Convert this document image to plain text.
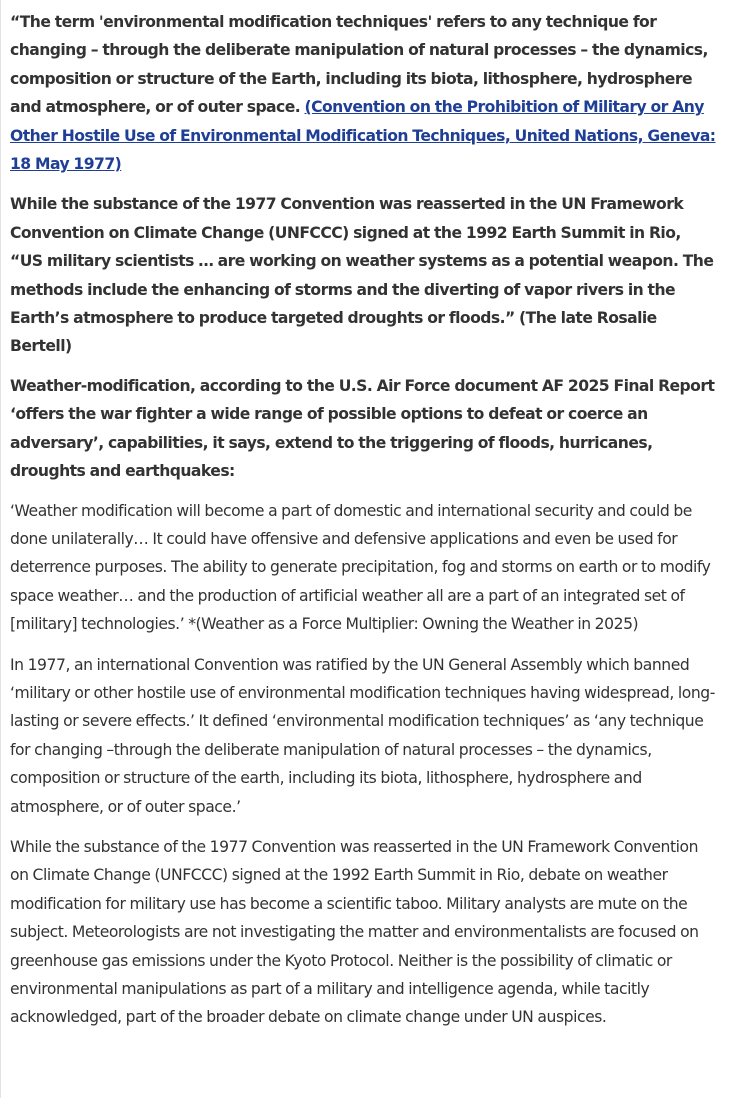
“The term 'environmental modification techniques' refers to any technique for changing – through the deliberate manipulation of natural processes – the dynamics, composition or structure of the Earth, including its biota, lithosphere, hydrosphere and atmosphere, or of outer space. (Convention on the Prohibition of Military or Any Other Hostile Use of Environmental Modification Techniques, United Nations, Geneva: 18 May 1977)

While the substance of the 1977 Convention was reasserted in the UN Framework Convention on Climate Change (UNFCCC) signed at the 1992 Earth Summit in Rio, “US military scientists … are working on weather systems as a potential weapon. The methods include the enhancing of storms and the diverting of vapor rivers in the Earth’s atmosphere to produce targeted droughts or floods.” (The late Rosalie Bertell)

Weather-modification, according to the U.S. Air Force document AF 2025 Final Report ‘offers the war fighter a wide range of possible options to defeat or coerce an adversary’, capabilities, it says, extend to the triggering of floods, hurricanes, droughts and earthquakes:

‘Weather modification will become a part of domestic and international security and could be done unilaterally… It could have offensive and defensive applications and even be used for deterrence purposes. The ability to generate precipitation, fog and storms on earth or to modify space weather… and the production of artificial weather all are a part of an integrated set of [military] technologies.’ *(Weather as a Force Multiplier: Owning the Weather in 2025)

In 1977, an international Convention was ratified by the UN General Assembly which banned ‘military or other hostile use of environmental modification techniques having widespread, long-lasting or severe effects.’ It defined ‘environmental modification techniques’ as ‘any technique for changing –through the deliberate manipulation of natural processes – the dynamics, composition or structure of the earth, including its biota, lithosphere, hydrosphere and atmosphere, or of outer space.’

While the substance of the 1977 Convention was reasserted in the UN Framework Convention on Climate Change (UNFCCC) signed at the 1992 Earth Summit in Rio, debate on weather modification for military use has become a scientific taboo. Military analysts are mute on the subject. Meteorologists are not investigating the matter and environmentalists are focused on greenhouse gas emissions under the Kyoto Protocol. Neither is the possibility of climatic or environmental manipulations as part of a military and intelligence agenda, while tacitly acknowledged, part of the broader debate on climate change under UN auspices.
